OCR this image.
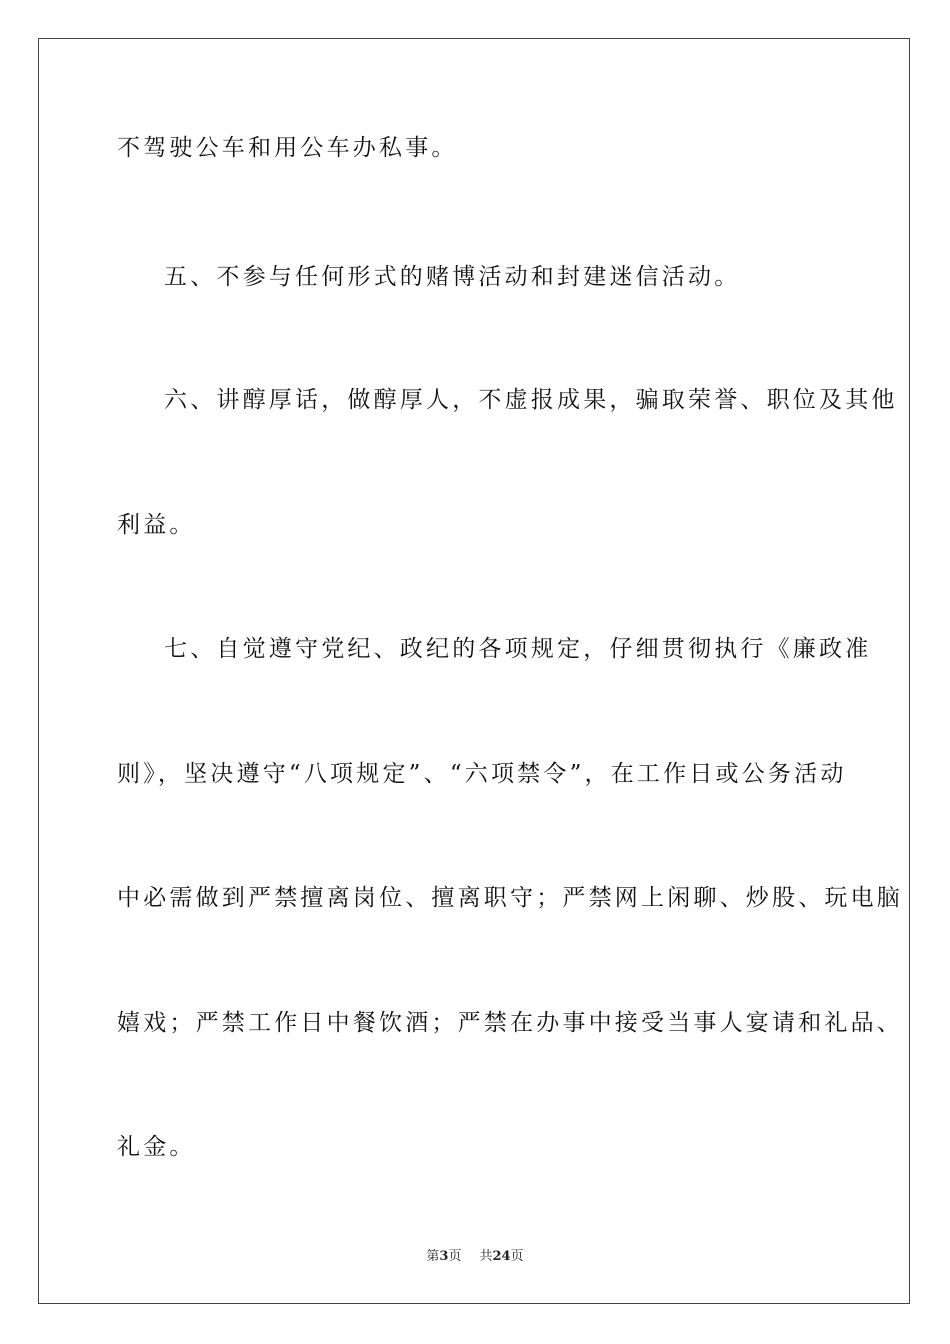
不驾驶公车和用公车办私事。
五、不参与任何形式的赌博活动和封建迷信活动。
六、讲醇厚话，做醇厚人，不虚报成果，骗取荣誉、职位及其他
利益。
七、自觉遵守党纪、政纪的各项规定，仔细贯彻执行《廉政准
则》，坚决遵守“八项规定”、“六项禁令”，在工作日或公务活动
中必需做到严禁擅离岗位、擅离职守；严禁网上闲聊、炒股、玩电脑
嬉戏；严禁工作日中餐饮酒；严禁在办事中接受当事人宴请和礼品、
礼金。
第3页 共24页
